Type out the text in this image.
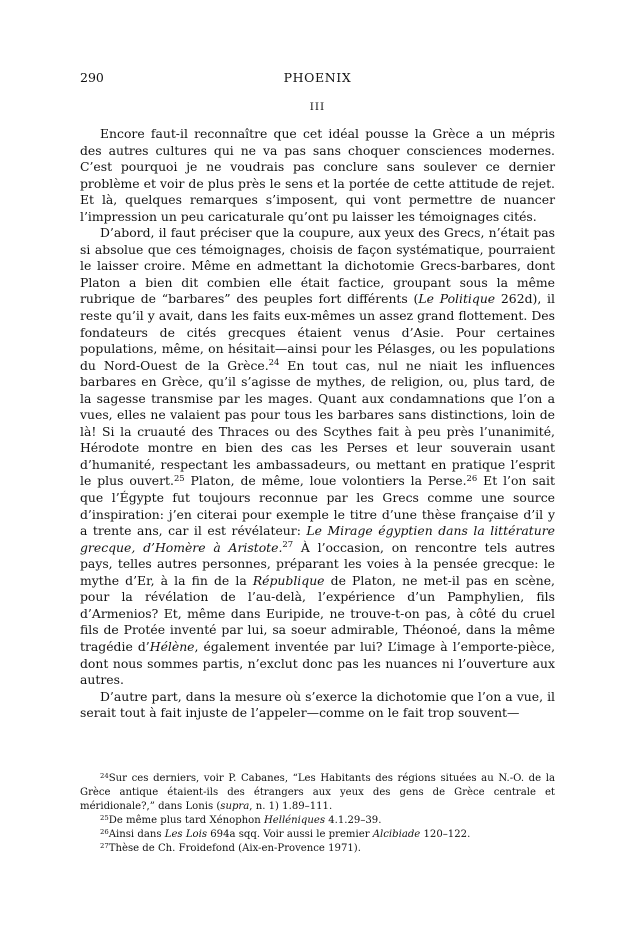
290	PHOENIX
III

Encore faut-il reconnaître que cet idéal pousse la Grèce a un mépris des autres cultures qui ne va pas sans choquer consciences modernes. C’est pourquoi je ne voudrais pas conclure sans soulever ce dernier problème et voir de plus près le sens et la portée de cette attitude de rejet. Et là, quelques remarques s’imposent, qui vont permettre de nuancer l’impression un peu caricaturale qu’ont pu laisser les témoignages cités.

D’abord, il faut préciser que la coupure, aux yeux des Grecs, n’était pas si absolue que ces témoignages, choisis de façon systématique, pourraient le laisser croire. Même en admettant la dichotomie Grecs-barbares, dont Platon a bien dit combien elle était factice, groupant sous la même rubrique de “barbares” des peuples fort différents (Le Politique 262d), il reste qu’il y avait, dans les faits eux-mêmes un assez grand flottement. Des fondateurs de cités grecques étaient venus d’Asie. Pour certaines populations, même, on hésitait—ainsi pour les Pélasges, ou les populations du Nord-Ouest de la Grèce.$^{24}$ En tout cas, nul ne niait les influences barbares en Grèce, qu’il s’agisse de mythes, de religion, ou, plus tard, de la sagesse transmise par les mages. Quant aux condamnations que l’on a vues, elles ne valaient pas pour tous les barbares sans distinctions, loin de là! Si la cruauté des Thraces ou des Scythes fait à peu près l’unanimité, Hérodote montre en bien des cas les Perses et leur souverain usant d’humanité, respectant les ambassadeurs, ou mettant en pratique l’esprit le plus ouvert.$^{25}$ Platon, de même, loue volontiers la Perse.$^{26}$ Et l’on sait que l’Égypte fut toujours reconnue par les Grecs comme une source d’inspiration: j’en citerai pour exemple le titre d’une thèse française d’il y a trente ans, car il est révélateur: Le Mirage égyptien dans la littérature grecque, d’Homère à Aristote.$^{27}$ À l’occasion, on rencontre tels autres pays, telles autres personnes, préparant les voies à la pensée grecque: le mythe d’Er, à la fin de la République de Platon, ne met-il pas en scène, pour la révélation de l’au-delà, l’expérience d’un Pamphylien, fils d’Armenios? Et, même dans Euripide, ne trouve-t-on pas, à côté du cruel fils de Protée inventé par lui, sa soeur admirable, Théonoé, dans la même tragédie d’Hélène, également inventée par lui? L’image à l’emporte-pièce, dont nous sommes partis, n’exclut donc pas les nuances ni l’ouverture aux autres.

D’autre part, dans la mesure où s’exerce la dichotomie que l’on a vue, il serait tout à fait injuste de l’appeler—comme on le fait trop souvent—

$^{24}$Sur ces derniers, voir P. Cabanes, “Les Habitants des régions situées au N.-O. de la Grèce antique étaient-ils des étrangers aux yeux des gens de Grèce centrale et méridionale?,” dans Lonis (supra, n. 1) 1.89–111.

$^{25}$De même plus tard Xénophon Helléniques 4.1.29–39.

$^{26}$Ainsi dans Les Lois 694a sqq. Voir aussi le premier Alcibiade 120–122.

$^{27}$Thèse de Ch. Froidefond (Aix-en-Provence 1971).
